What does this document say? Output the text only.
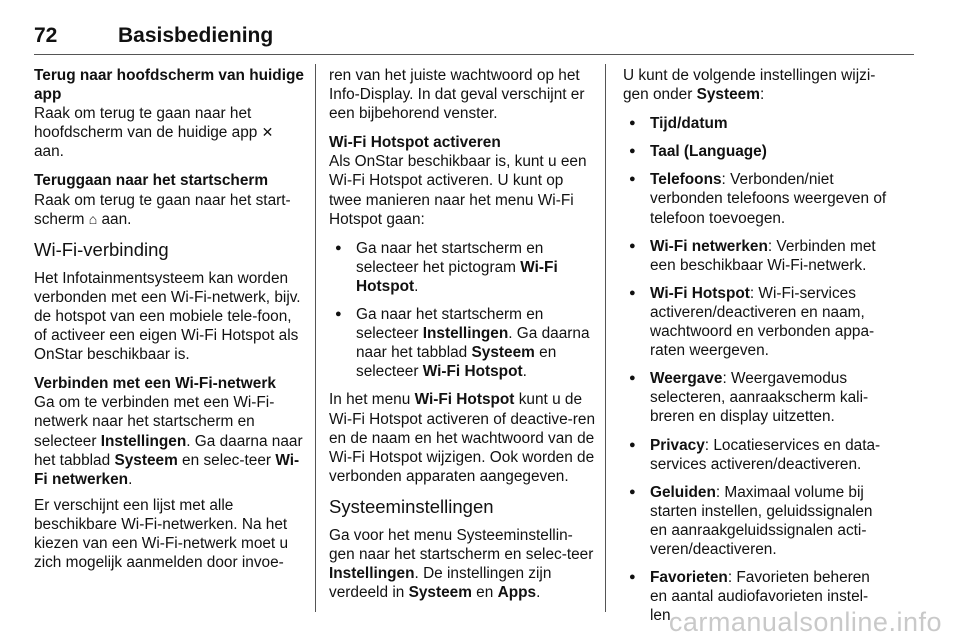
72	Basisbediening

Terug naar hoofdscherm van huidige app

Raak om terug te gaan naar het hoofdscherm van de huidige app ✕ aan.

Teruggaan naar het startscherm

Raak om terug te gaan naar het start-scherm ⌂ aan.

Wi-Fi-verbinding

Het Infotainmentsysteem kan worden verbonden met een Wi-Fi-netwerk, bijv. de hotspot van een mobiele tele-foon, of activeer een eigen Wi-Fi Hotspot als OnStar beschikbaar is.

Verbinden met een Wi-Fi-netwerk

Ga om te verbinden met een Wi-Fi-netwerk naar het startscherm en selecteer Instellingen. Ga daarna naar het tabblad Systeem en selec-teer Wi-Fi netwerken.

Er verschijnt een lijst met alle beschikbare Wi-Fi-netwerken. Na het kiezen van een Wi-Fi-netwerk moet u zich mogelijk aanmelden door invoe-

ren van het juiste wachtwoord op het Info-Display. In dat geval verschijnt er een bijbehorend venster.

Wi-Fi Hotspot activeren

Als OnStar beschikbaar is, kunt u een Wi-Fi Hotspot activeren. U kunt op twee manieren naar het menu Wi-Fi Hotspot gaan:

● Ga naar het startscherm en selecteer het pictogram Wi-Fi Hotspot.
● Ga naar het startscherm en selecteer Instellingen. Ga daarna naar het tabblad Systeem en selecteer Wi-Fi Hotspot.

In het menu Wi-Fi Hotspot kunt u de Wi-Fi Hotspot activeren of deactive-ren en de naam en het wachtwoord van de Wi-Fi Hotspot wijzigen. Ook worden de verbonden apparaten aangegeven.

Systeeminstellingen

Ga voor het menu Systeeminstellin-gen naar het startscherm en selec-teer Instellingen. De instellingen zijn verdeeld in Systeem en Apps.

U kunt de volgende instellingen wijzi-gen onder Systeem:

● Tijd/datum
● Taal (Language)
● Telefoons: Verbonden/niet verbonden telefoons weergeven of telefoon toevoegen.
● Wi-Fi netwerken: Verbinden met een beschikbaar Wi-Fi-netwerk.
● Wi-Fi Hotspot: Wi-Fi-services activeren/deactiveren en naam, wachtwoord en verbonden appa-raten weergeven.
● Weergave: Weergavemodus selecteren, aanraakscherm kali-breren en display uitzetten.
● Privacy: Locatieservices en data-services activeren/deactiveren.
● Geluiden: Maximaal volume bij starten instellen, geluidssignalen en aanraakgeluidssignalen acti-veren/deactiveren.
● Favorieten: Favorieten beheren en aantal audiofavorieten instel-len.
carmanualsonline.info
